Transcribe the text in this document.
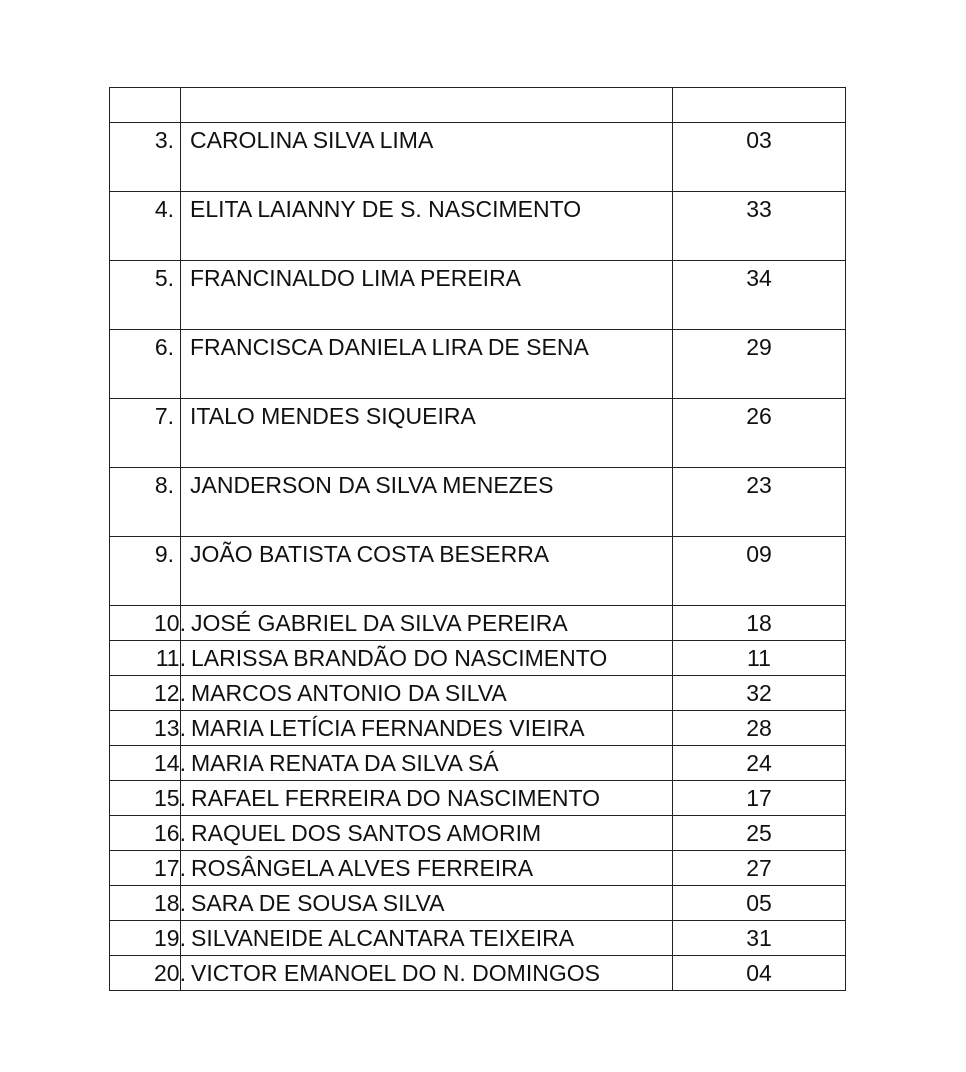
3.	CAROLINA SILVA LIMA	03
4.	ELITA LAIANNY DE S. NASCIMENTO	33
5.	FRANCINALDO LIMA PEREIRA	34
6.	FRANCISCA DANIELA LIRA DE SENA	29
7.	ITALO MENDES SIQUEIRA	26
8.	JANDERSON DA SILVA MENEZES	23
9.	JOÃO BATISTA COSTA BESERRA	09

10.	JOSÉ GABRIEL DA SILVA PEREIRA	18

11.	LARISSA BRANDÃO DO NASCIMENTO	11

12.	MARCOS ANTONIO DA SILVA	32

13.	MARIA LETÍCIA FERNANDES VIEIRA	28

14.	MARIA RENATA DA SILVA SÁ	24

15.	RAFAEL FERREIRA DO NASCIMENTO	17

16.	RAQUEL DOS SANTOS AMORIM	25

17.	ROSÂNGELA ALVES FERREIRA	27

18.	SARA DE SOUSA SILVA	05

19.	SILVANEIDE ALCANTARA TEIXEIRA	31

20.	VICTOR EMANOEL DO N. DOMINGOS	04
